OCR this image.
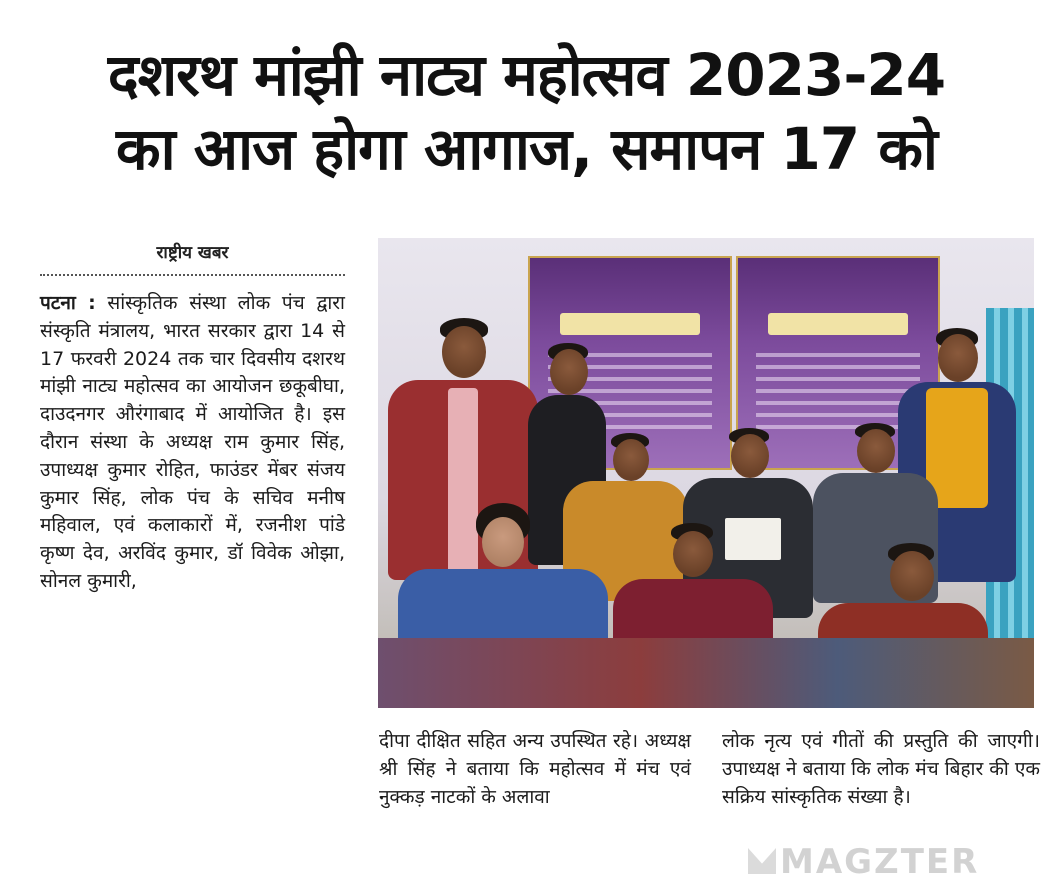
दशरथ मांझी नाट्य महोत्सव 2023-24
का आज होगा आगाज, समापन 17 को
राष्ट्रीय खबर

पटना : सांस्कृतिक संस्था लोक पंच द्वारा संस्कृति मंत्रालय, भारत सरकार द्वारा 14 से 17 फरवरी 2024 तक चार दिवसीय दशरथ मांझी नाट्य महोत्सव का आयोजन छकूबीघा, दाउदनगर औरंगाबाद में आयोजित है। इस दौरान संस्था के अध्यक्ष राम कुमार सिंह, उपाध्यक्ष कुमार रोहित, फाउंडर मेंबर संजय कुमार सिंह, लोक पंच के सचिव मनीष महिवाल, एवं कलाकारों में, रजनीश पांडे कृष्ण देव, अरविंद कुमार, डॉ विवेक ओझा, सोनल कुमारी,

दीपा दीक्षित सहित अन्य उपस्थित रहे। अध्यक्ष श्री सिंह ने बताया कि महोत्सव में मंच एवं नुक्कड़ नाटकों के अलावा

लोक नृत्य एवं गीतों की प्रस्तुति की जाएगी। उपाध्यक्ष ने बताया कि लोक मंच बिहार की एक सक्रिय सांस्कृतिक संख्या है।

MAGZTER
